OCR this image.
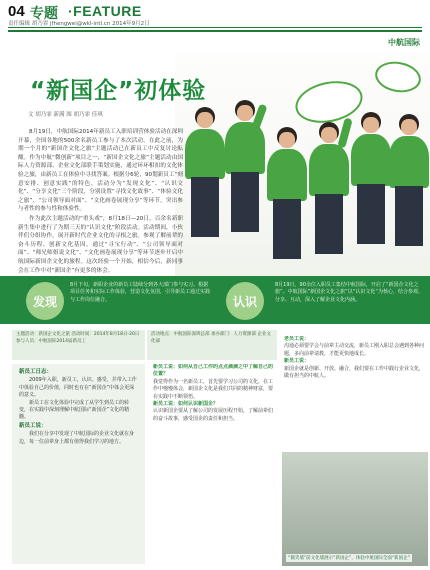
04 专题 ·FEATURE
责任编辑 胡乃霏 jfhengwei@wkl-intl.cn 2014年9月2日
中航国际
“新国企”初体验
文 胡乃霏 新满 图 胡乃霏 佳琪

8月19日，中航国际2014年新员工入职培训营体验活动在深圳开幕，全国各地的500余名新员工参与了本次活动。在此之前，为期一个月的“新国企文化之旅”主题活动已在新员工中反复讨论酝酿。作为中航“微创新”项目之一，“新国企文化之旅”主题活动由国际人力资源部、企业文化部联手策划实施，通过环环相扣的文化体验之旅，由新员工在体验中寻找答案。根据分6轮，90划新员工“刻意安排、创意实践”的特色，活动分为“发现文化”、“认识文化”、“分享文化”三个阶段，分别设置“寻找文化故事”、“体验文化之旅”、“公司领导面对面”、“文化画卷展现分享”等环节，突出参与者性的参与性和体验性。

作为此次主题活动的“重头戏”，8月18日—20日，百余名新职新生集中进行了为期三天的“认识文化”阶段活动。活动期间，小伙伴们分组协作，展开新时代企业文化的寻根之旅。参观了解前辈的奋斗历程、创新文化基因。通过“寻宝行动”、“公司领导面对面”、“师兄师姐说文化”、“文化画卷展现分享”等环节逐步开启中航国际新国企文化的旅程。这次经验一个开始，相信今后，新同事会在工作中对“新国企”有更多的体会。

8月下旬，新职企业的新员工陆续分到各大部门参与实习。根据项目任务和实际工作体验，营造文化氛围，引导新员工通过实践与工作岗位融合。
8月19日，90余位入职员工集结中航国际，开启了“新国企文化之旅”。中航国际“新国企文化之旅”以“认识文化”为核心，结合参观、分享、互动，深入了解企业文化内涵。
发现	认识
主题活动：新国企文化之旅 活动时间：2014年8月18日-20日 参与人员：中航国际2014届新员工
活动地点：中航国际深圳总部 承办部门：人力资源部 企业文化部
新员工日志：

2009年入职，新员工，认识、感受，并带入工作中体验自己的价值，同时也有在“新国企”中体会更深的意义。

新员工在文化体验中完成了从学生到员工的转变，在实践中深刻理解中航国际“新国企”文化的精髓。

新员工说：

我们在分享中发现了中航国际的企业文化就在身边，每一位前辈身上都有值得我们学习的地方。

新员工说：如何从自己工作的点点滴滴之中了解自己的位置？
我觉得作为一名新员工，首先要学习公司的文化，在工作中慢慢体会，新国企文化是我们共同的精神财富，要在实践中不断领悟。
新员工说：如何认识新国企？
认识新国企要从了解公司的发展历程开始，了解前辈们的奋斗故事，感受国企的责任和担当。
老员工说：
沟通必须要学会与前辈主动交流，新员工刚入职总会遇到各种问题，多向前辈请教，才能更快地成长。
新员工说：
新国企就是创新、开放、融合，我们要在工作中践行企业文化，做有担当的中航人。
“微笑墙”前文化墙展示“新国企”，体验中航国际全面“新国企”
